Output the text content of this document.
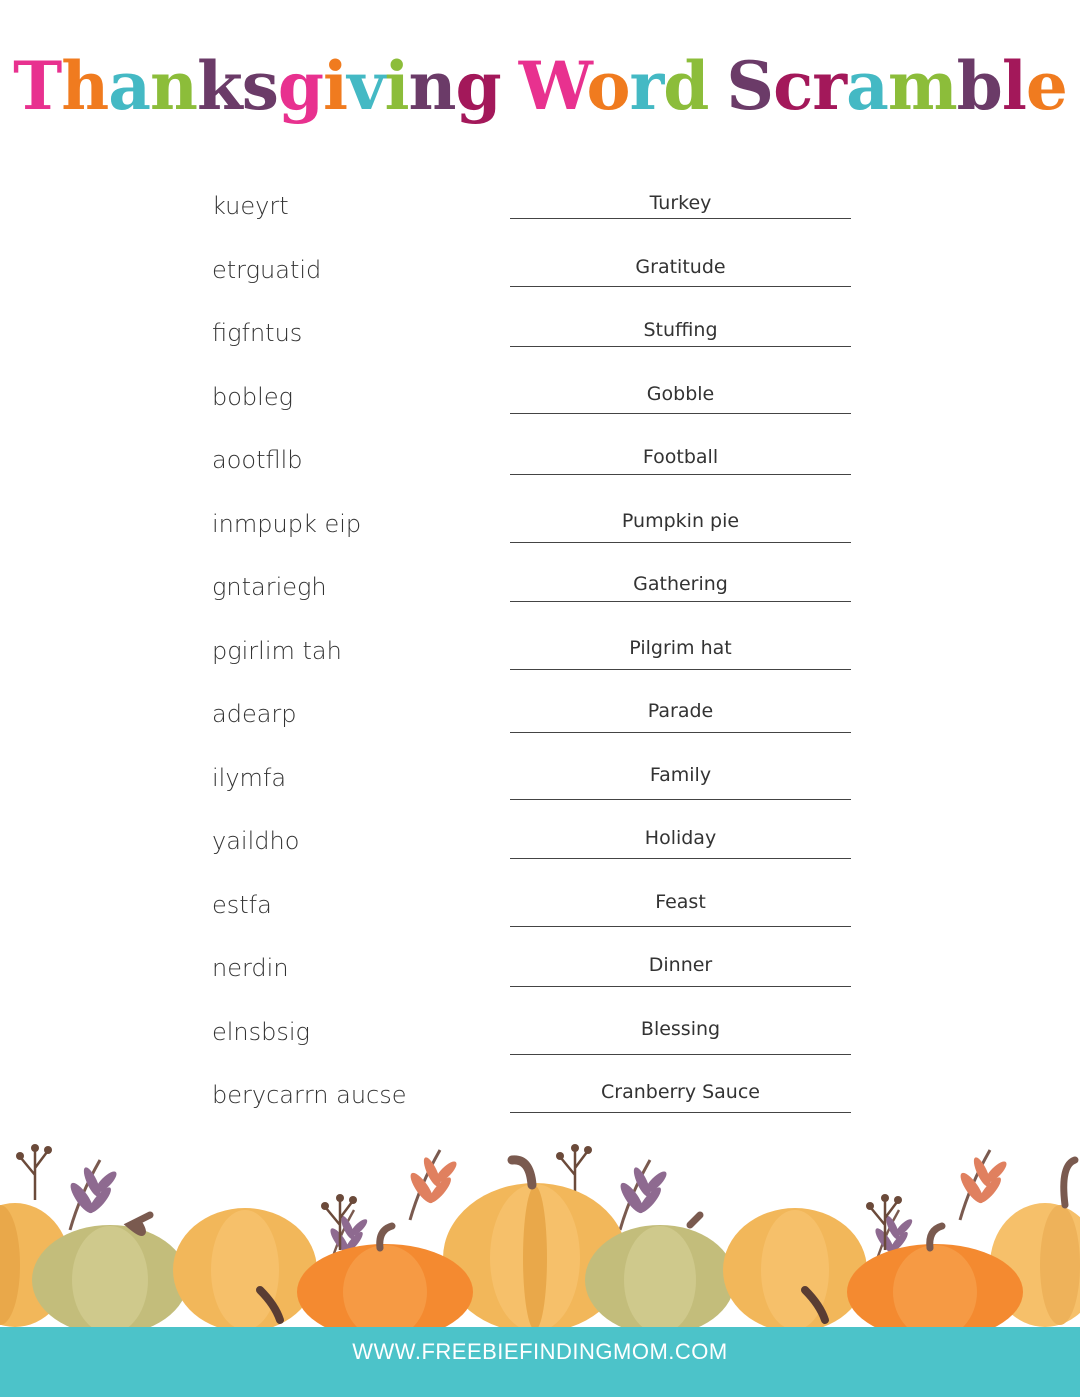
Thanksgiving Word Scramble
kueyrt	Turkey
etrguatid	Gratitude
figfntus	Stuffing
bobleg	Gobble
aootfllb	Football
inmpupk eip	Pumpkin pie
gntariegh	Gathering
pgirlim tah	Pilgrim hat
adearp	Parade
ilymfa	Family
yaildho	Holiday
estfa	Feast
nerdin	Dinner
elnsbsig	Blessing
berycarrn aucse	Cranberry Sauce
WWW.FREEBIEFINDINGMOM.COM
